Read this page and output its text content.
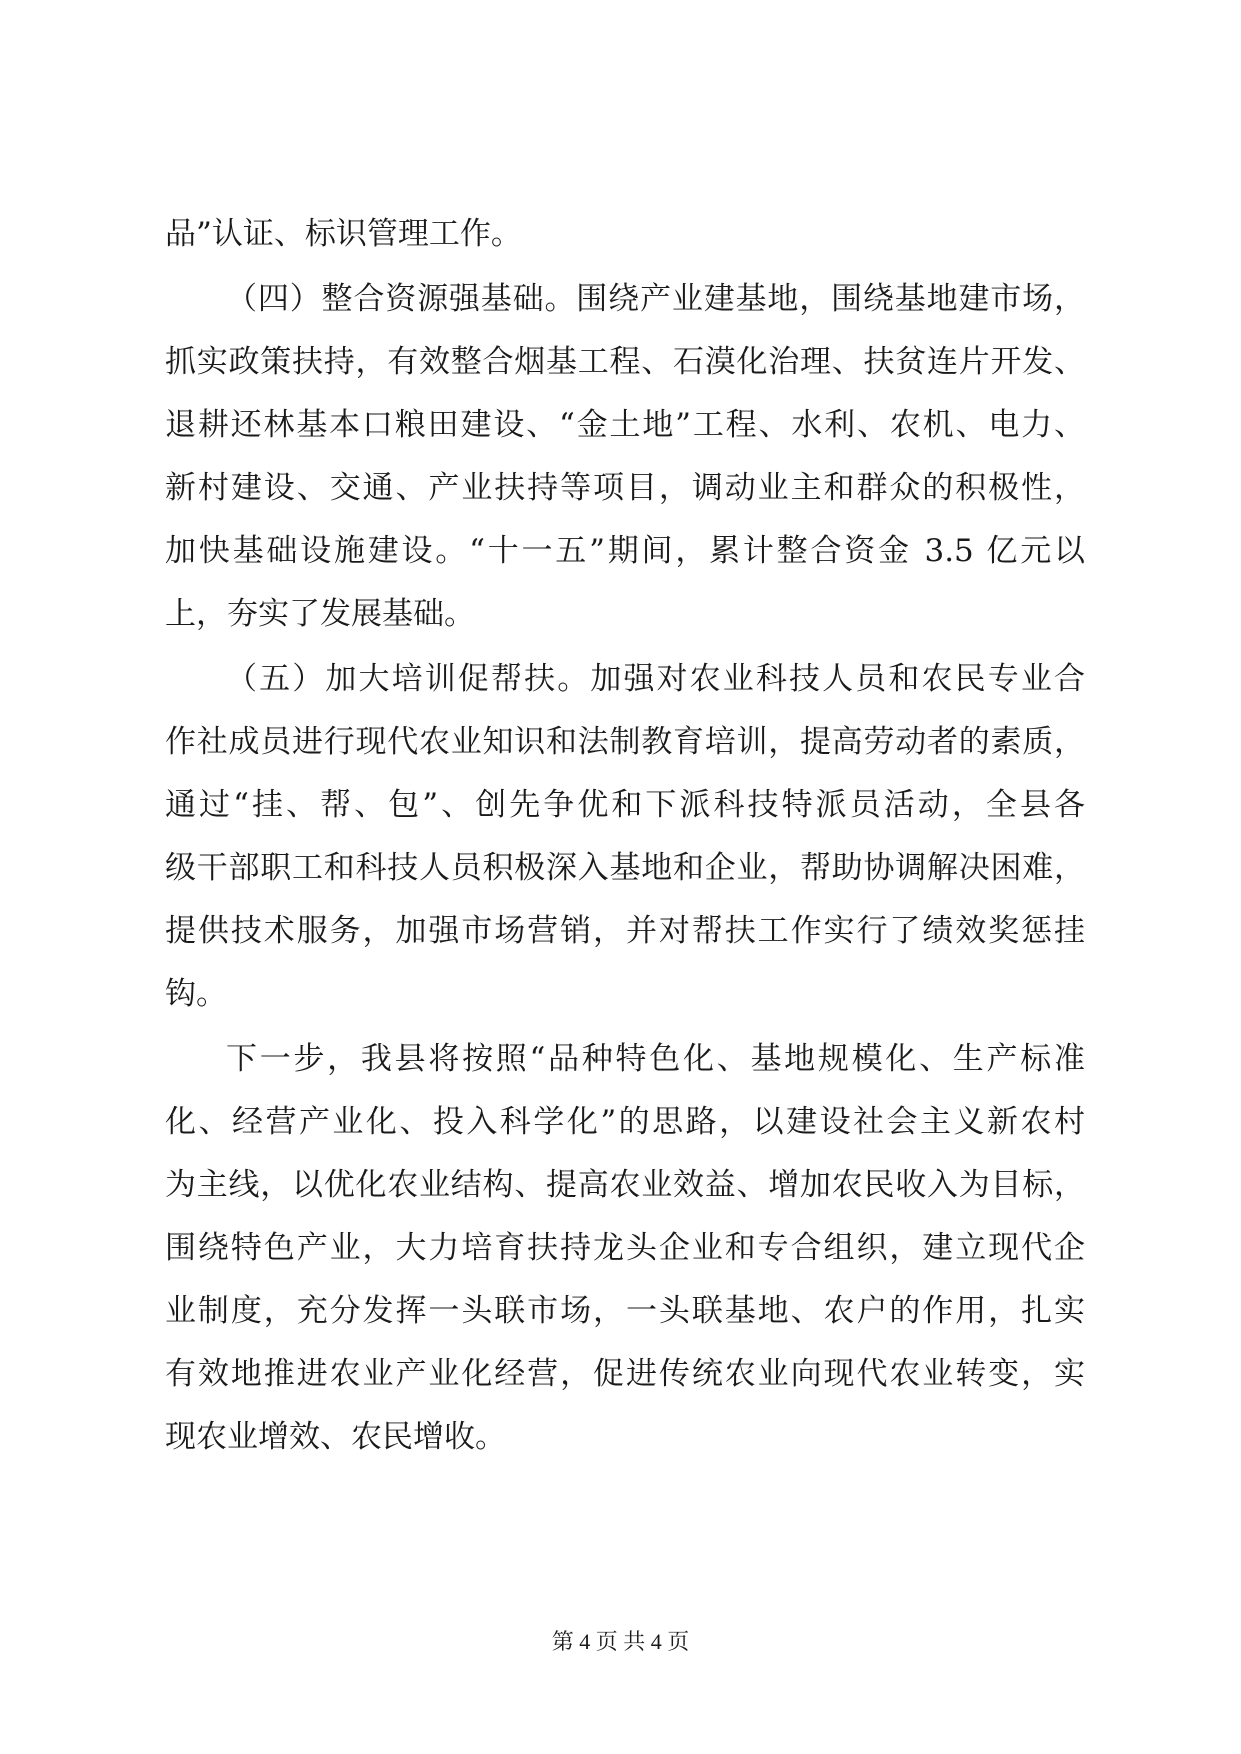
品”认证、标识管理工作。
（四）整合资源强基础。围绕产业建基地，围绕基地建市场，
抓实政策扶持，有效整合烟基工程、石漠化治理、扶贫连片开发、
退耕还林基本口粮田建设、“金土地”工程、水利、农机、电力、
新村建设、交通、产业扶持等项目，调动业主和群众的积极性，
加快基础设施建设。“十一五”期间，累计整合资金 3.5 亿元以
上，夯实了发展基础。
（五）加大培训促帮扶。加强对农业科技人员和农民专业合
作社成员进行现代农业知识和法制教育培训，提高劳动者的素质，
通过“挂、帮、包”、创先争优和下派科技特派员活动，全县各
级干部职工和科技人员积极深入基地和企业，帮助协调解决困难，
提供技术服务，加强市场营销，并对帮扶工作实行了绩效奖惩挂
钩。
下一步，我县将按照“品种特色化、基地规模化、生产标准
化、经营产业化、投入科学化”的思路，以建设社会主义新农村
为主线，以优化农业结构、提高农业效益、增加农民收入为目标，
围绕特色产业，大力培育扶持龙头企业和专合组织，建立现代企
业制度，充分发挥一头联市场，一头联基地、农户的作用，扎实
有效地推进农业产业化经营，促进传统农业向现代农业转变，实
现农业增效、农民增收。
第 4 页 共 4 页
